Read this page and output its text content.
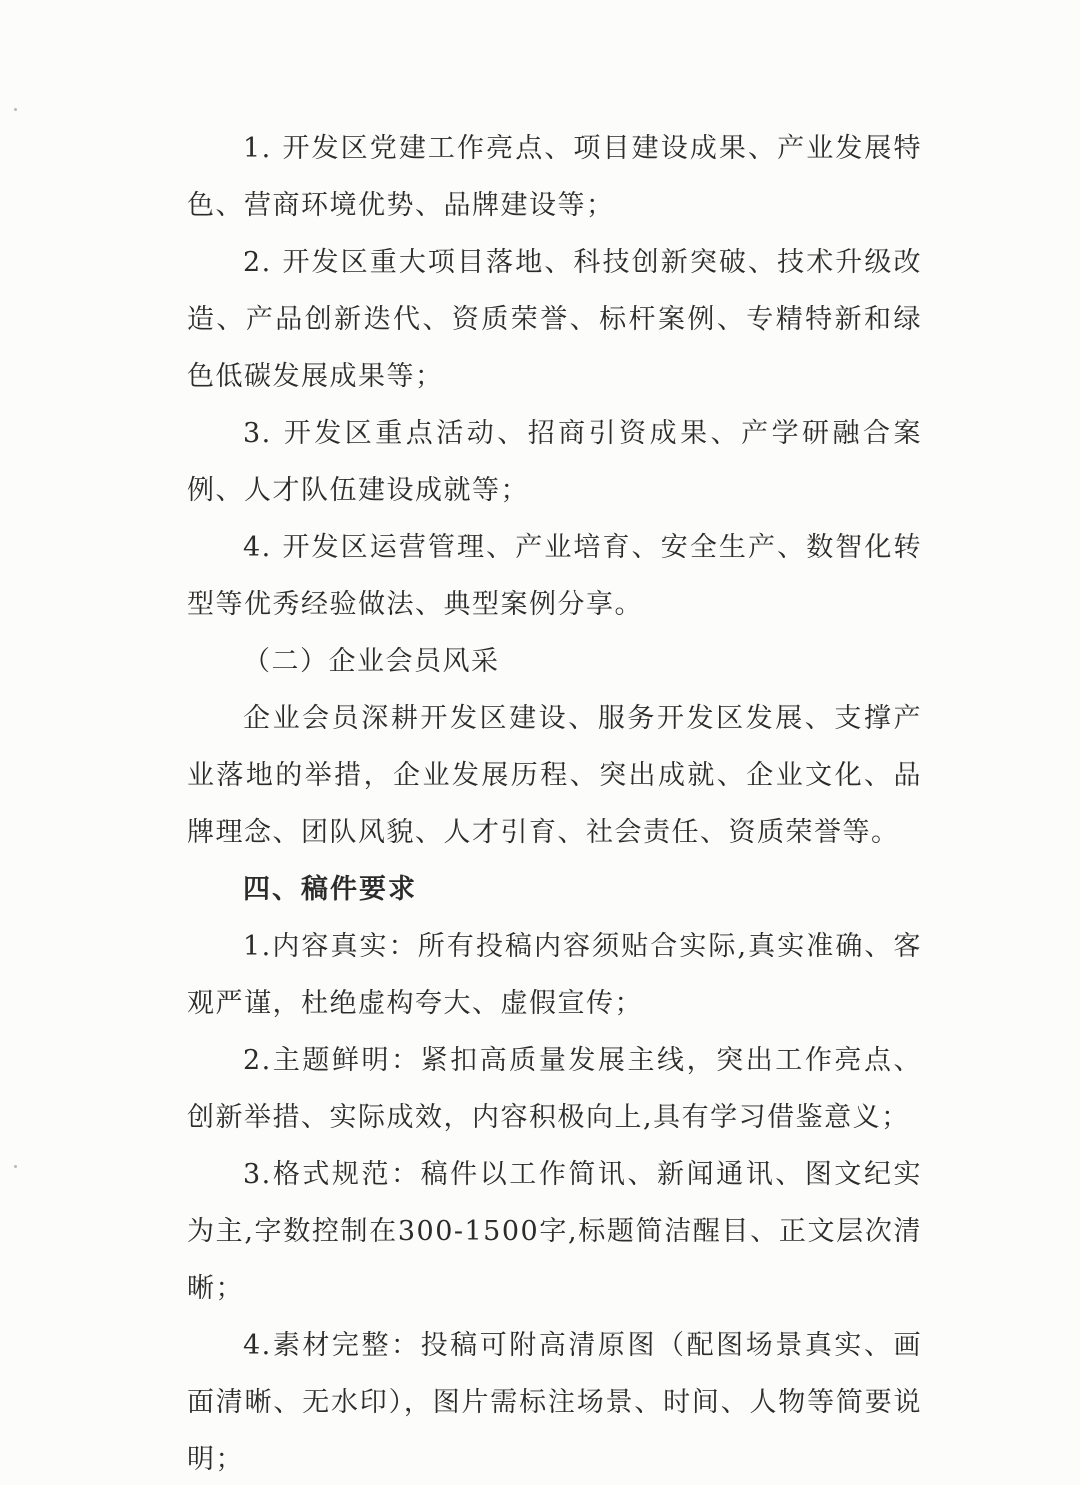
1. 开发区党建工作亮点、项目建设成果、产业发展特色、营商环境优势、品牌建设等；

2. 开发区重大项目落地、科技创新突破、技术升级改造、产品创新迭代、资质荣誉、标杆案例、专精特新和绿色低碳发展成果等；

3. 开发区重点活动、招商引资成果、产学研融合案例、人才队伍建设成就等；

4. 开发区运营管理、产业培育、安全生产、数智化转型等优秀经验做法、典型案例分享。

（二）企业会员风采

企业会员深耕开发区建设、服务开发区发展、支撑产业落地的举措，企业发展历程、突出成就、企业文化、品牌理念、团队风貌、人才引育、社会责任、资质荣誉等。

四、稿件要求

1.内容真实：所有投稿内容须贴合实际,真实准确、客观严谨，杜绝虚构夸大、虚假宣传；

2.主题鲜明：紧扣高质量发展主线，突出工作亮点、创新举措、实际成效，内容积极向上,具有学习借鉴意义；

3.格式规范：稿件以工作简讯、新闻通讯、图文纪实为主,字数控制在300-1500字,标题简洁醒目、正文层次清晰；

4.素材完整：投稿可附高清原图（配图场景真实、画面清晰、无水印），图片需标注场景、时间、人物等简要说明；
